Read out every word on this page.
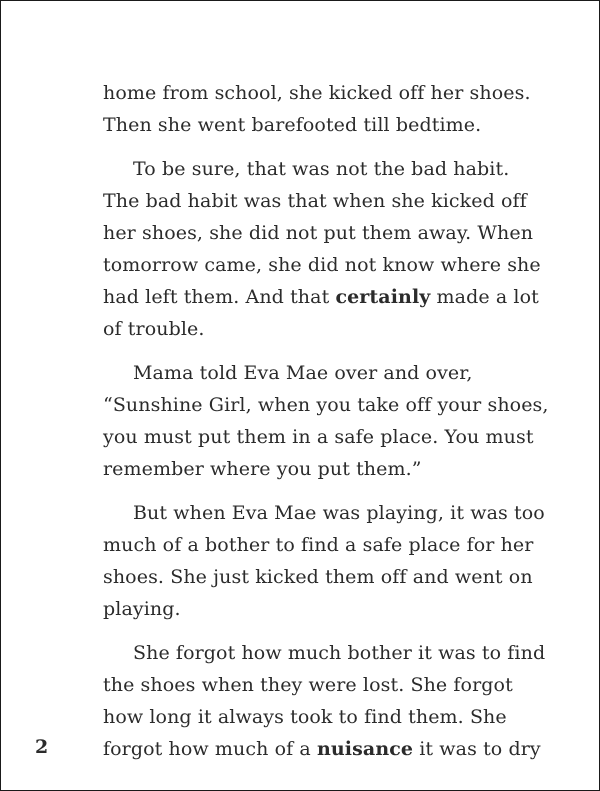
home from school, she kicked off her shoes.
Then she went barefooted till bedtime.

To be sure, that was not the bad habit.
The bad habit was that when she kicked off
her shoes, she did not put them away. When
tomorrow came, she did not know where she
had left them. And that certainly made a lot
of trouble.

Mama told Eva Mae over and over,
“Sunshine Girl, when you take off your shoes,
you must put them in a safe place. You must
remember where you put them.”

But when Eva Mae was playing, it was too
much of a bother to find a safe place for her
shoes. She just kicked them off and went on
playing.

She forgot how much bother it was to find
the shoes when they were lost. She forgot
how long it always took to find them. She
forgot how much of a nuisance it was to dry

2
